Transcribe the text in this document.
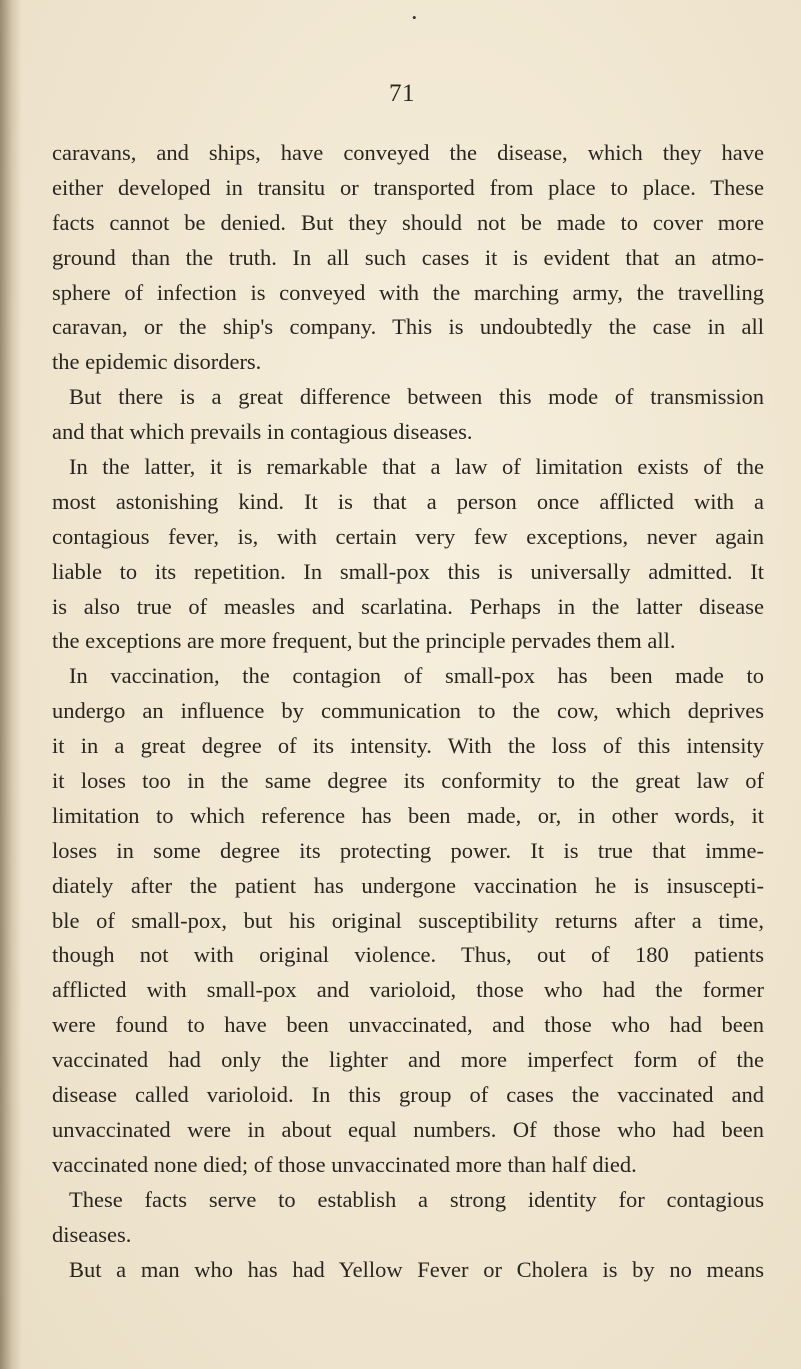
•
71
caravans, and ships, have conveyed the disease, which they have
either developed in transitu or transported from place to place. These
facts cannot be denied. But they should not be made to cover more
ground than the truth. In all such cases it is evident that an atmo-
sphere of infection is conveyed with the marching army, the travelling
caravan, or the ship's company. This is undoubtedly the case in all
the epidemic disorders.
But there is a great difference between this mode of transmission
and that which prevails in contagious diseases.
In the latter, it is remarkable that a law of limitation exists of the
most astonishing kind. It is that a person once afflicted with a
contagious fever, is, with certain very few exceptions, never again
liable to its repetition. In small-pox this is universally admitted. It
is also true of measles and scarlatina. Perhaps in the latter disease
the exceptions are more frequent, but the principle pervades them all.
In vaccination, the contagion of small-pox has been made to
undergo an influence by communication to the cow, which deprives
it in a great degree of its intensity. With the loss of this intensity
it loses too in the same degree its conformity to the great law of
limitation to which reference has been made, or, in other words, it
loses in some degree its protecting power. It is true that imme-
diately after the patient has undergone vaccination he is insuscepti-
ble of small-pox, but his original susceptibility returns after a time,
though not with original violence. Thus, out of 180 patients
afflicted with small-pox and varioloid, those who had the former
were found to have been unvaccinated, and those who had been
vaccinated had only the lighter and more imperfect form of the
disease called varioloid. In this group of cases the vaccinated and
unvaccinated were in about equal numbers. Of those who had been
vaccinated none died; of those unvaccinated more than half died.
These facts serve to establish a strong identity for contagious
diseases.
But a man who has had Yellow Fever or Cholera is by no means
